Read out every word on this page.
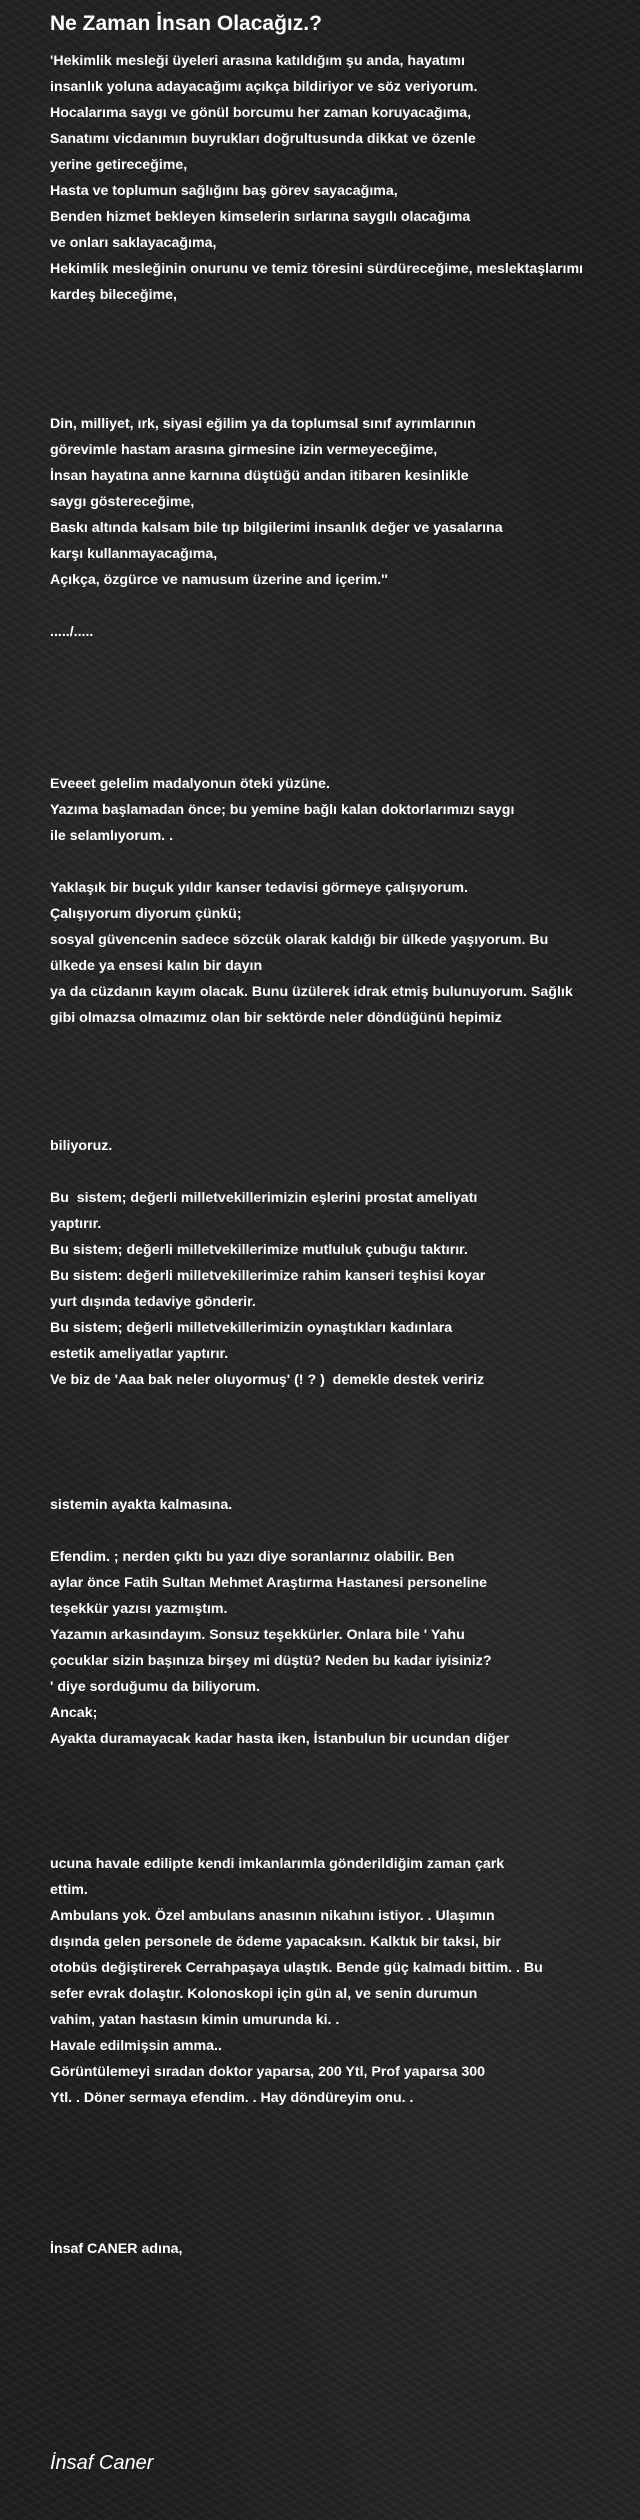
Ne Zaman İnsan Olacağız.?
'Hekimlik mesleği üyeleri arasına katıldığım şu anda, hayatımı
insanlık yoluna adayacağımı açıkça bildiriyor ve söz veriyorum.
Hocalarıma saygı ve gönül borcumu her zaman koruyacağıma,
Sanatımı vicdanımın buyrukları doğrultusunda dikkat ve özenle
yerine getireceğime,
Hasta ve toplumun sağlığını baş görev sayacağıma,
Benden hizmet bekleyen kimselerin sırlarına saygılı olacağıma
ve onları saklayacağıma,
Hekimlik mesleğinin onurunu ve temiz töresini sürdüreceğime, meslektaşlarımı
kardeş bileceğime,
Din, milliyet, ırk, siyasi eğilim ya da toplumsal sınıf ayrımlarının
görevimle hastam arasına girmesine izin vermeyeceğime,
İnsan hayatına anne karnına düştüğü andan itibaren kesinlikle
saygı göstereceğime,
Baskı altında kalsam bile tıp bilgilerimi insanlık değer ve yasalarına
karşı kullanmayacağıma,
Açıkça, özgürce ve namusum üzerine and içerim.''
...../.....
Eveeet gelelim madalyonun öteki yüzüne.
Yazıma başlamadan önce; bu yemine bağlı kalan doktorlarımızı saygı
ile selamlıyorum. .
Yaklaşık bir buçuk yıldır kanser tedavisi görmeye çalışıyorum.
Çalışıyorum diyorum çünkü;
sosyal güvencenin sadece sözcük olarak kaldığı bir ülkede yaşıyorum. Bu
ülkede ya ensesi kalın bir dayın
ya da cüzdanın kayım olacak. Bunu üzülerek idrak etmiş bulunuyorum. Sağlık
gibi olmazsa olmazımız olan bir sektörde neler döndüğünü hepimiz
biliyoruz.
Bu  sistem; değerli milletvekillerimizin eşlerini prostat ameliyatı
yaptırır.
Bu sistem; değerli milletvekillerimize mutluluk çubuğu taktırır.
Bu sistem: değerli milletvekillerimize rahim kanseri teşhisi koyar
yurt dışında tedaviye gönderir.
Bu sistem; değerli milletvekillerimizin oynaştıkları kadınlara
estetik ameliyatlar yaptırır.
Ve biz de 'Aaa bak neler oluyormuş' (! ? )  demekle destek veririz
sistemin ayakta kalmasına.
Efendim. ; nerden çıktı bu yazı diye soranlarınız olabilir. Ben
aylar önce Fatih Sultan Mehmet Araştırma Hastanesi personeline
teşekkür yazısı yazmıştım.
Yazamın arkasındayım. Sonsuz teşekkürler. Onlara bile ' Yahu
çocuklar sizin başınıza birşey mi düştü? Neden bu kadar iyisiniz?
' diye sorduğumu da biliyorum.
Ancak;
Ayakta duramayacak kadar hasta iken, İstanbulun bir ucundan diğer
ucuna havale edilipte kendi imkanlarımla gönderildiğim zaman çark
ettim.
Ambulans yok. Özel ambulans anasının nikahını istiyor. . Ulaşımın
dışında gelen personele de ödeme yapacaksın. Kalktık bir taksi, bir
otobüs değiştirerek Cerrahpaşaya ulaştık. Bende güç kalmadı bittim. . Bu
sefer evrak dolaştır. Kolonoskopi için gün al, ve senin durumun
vahim, yatan hastasın kimin umurunda ki. .
Havale edilmişsin amma..
Görüntülemeyi sıradan doktor yaparsa, 200 Ytl, Prof yaparsa 300
Ytl. . Döner sermaya efendim. . Hay döndüreyim onu. .
İnsaf CANER adına,
İnsaf Caner
